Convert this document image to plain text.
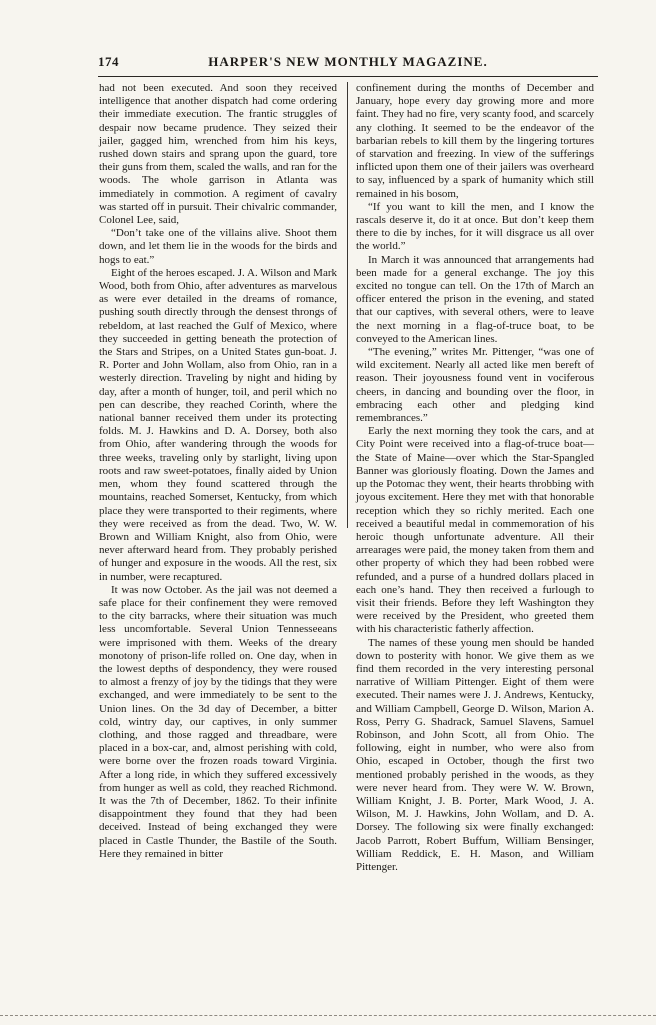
174	HARPER'S NEW MONTHLY MAGAZINE.

had not been executed. And soon they received intelligence that another dispatch had come ordering their immediate execution. The frantic struggles of despair now became prudence. They seized their jailer, gagged him, wrenched from him his keys, rushed down stairs and sprang upon the guard, tore their guns from them, scaled the walls, and ran for the woods. The whole garrison in Atlanta was immediately in commotion. A regiment of cavalry was started off in pursuit. Their chivalric commander, Colonel Lee, said,

“Don’t take one of the villains alive. Shoot them down, and let them lie in the woods for the birds and hogs to eat.”

Eight of the heroes escaped. J. A. Wilson and Mark Wood, both from Ohio, after adventures as marvelous as were ever detailed in the dreams of romance, pushing south directly through the densest throngs of rebeldom, at last reached the Gulf of Mexico, where they succeeded in getting beneath the protection of the Stars and Stripes, on a United States gun-boat. J. R. Porter and John Wollam, also from Ohio, ran in a westerly direction. Traveling by night and hiding by day, after a month of hunger, toil, and peril which no pen can describe, they reached Corinth, where the national banner received them under its protecting folds. M. J. Hawkins and D. A. Dorsey, both also from Ohio, after wandering through the woods for three weeks, traveling only by starlight, living upon roots and raw sweet-potatoes, finally aided by Union men, whom they found scattered through the mountains, reached Somerset, Kentucky, from which place they were transported to their regiments, where they were received as from the dead. Two, W. W. Brown and William Knight, also from Ohio, were never afterward heard from. They probably perished of hunger and exposure in the woods. All the rest, six in number, were recaptured.

It was now October. As the jail was not deemed a safe place for their confinement they were removed to the city barracks, where their situation was much less uncomfortable. Several Union Tennesseeans were imprisoned with them. Weeks of the dreary monotony of prison-life rolled on. One day, when in the lowest depths of despondency, they were roused to almost a frenzy of joy by the tidings that they were exchanged, and were immediately to be sent to the Union lines. On the 3d day of December, a bitter cold, wintry day, our captives, in only summer clothing, and those ragged and threadbare, were placed in a box-car, and, almost perishing with cold, were borne over the frozen roads toward Virginia. After a long ride, in which they suffered excessively from hunger as well as cold, they reached Richmond. It was the 7th of December, 1862. To their infinite disappointment they found that they had been deceived. Instead of being exchanged they were placed in Castle Thunder, the Bastile of the South. Here they remained in bitter

confinement during the months of December and January, hope every day growing more and more faint. They had no fire, very scanty food, and scarcely any clothing. It seemed to be the endeavor of the barbarian rebels to kill them by the lingering tortures of starvation and freezing. In view of the sufferings inflicted upon them one of their jailers was overheard to say, influenced by a spark of humanity which still remained in his bosom,

“If you want to kill the men, and I know the rascals deserve it, do it at once. But don’t keep them there to die by inches, for it will disgrace us all over the world.”

In March it was announced that arrangements had been made for a general exchange. The joy this excited no tongue can tell. On the 17th of March an officer entered the prison in the evening, and stated that our captives, with several others, were to leave the next morning in a flag-of-truce boat, to be conveyed to the American lines.

“The evening,” writes Mr. Pittenger, “was one of wild excitement. Nearly all acted like men bereft of reason. Their joyousness found vent in vociferous cheers, in dancing and bounding over the floor, in embracing each other and pledging kind remembrances.”

Early the next morning they took the cars, and at City Point were received into a flag-of-truce boat—the State of Maine—over which the Star-Spangled Banner was gloriously floating. Down the James and up the Potomac they went, their hearts throbbing with joyous excitement. Here they met with that honorable reception which they so richly merited. Each one received a beautiful medal in commemoration of his heroic though unfortunate adventure. All their arrearages were paid, the money taken from them and other property of which they had been robbed were refunded, and a purse of a hundred dollars placed in each one’s hand. They then received a furlough to visit their friends. Before they left Washington they were received by the President, who greeted them with his characteristic fatherly affection.

The names of these young men should be handed down to posterity with honor. We give them as we find them recorded in the very interesting personal narrative of William Pittenger. Eight of them were executed. Their names were J. J. Andrews, Kentucky, and William Campbell, George D. Wilson, Marion A. Ross, Perry G. Shadrack, Samuel Slavens, Samuel Robinson, and John Scott, all from Ohio. The following, eight in number, who were also from Ohio, escaped in October, though the first two mentioned probably perished in the woods, as they were never heard from. They were W. W. Brown, William Knight, J. B. Porter, Mark Wood, J. A. Wilson, M. J. Hawkins, John Wollam, and D. A. Dorsey. The following six were finally exchanged: Jacob Parrott, Robert Buffum, William Bensinger, William Reddick, E. H. Mason, and William Pittenger.
